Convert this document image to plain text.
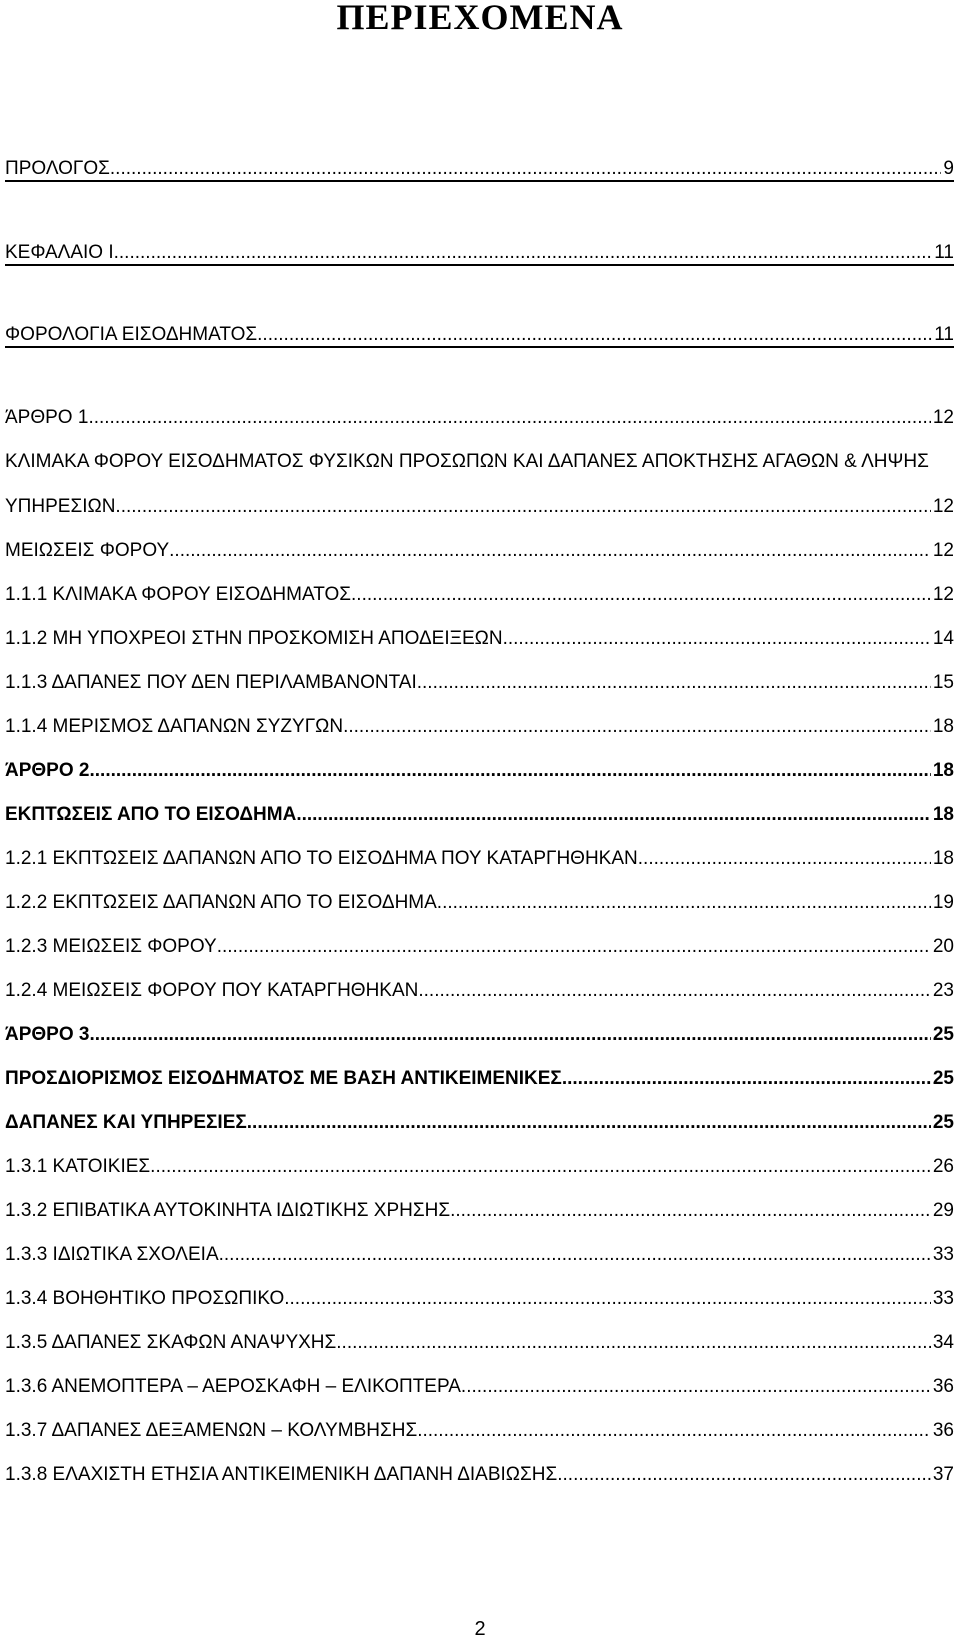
ΠΕΡΙΕΧΟΜΕΝΑ
ΠΡΟΛΟΓΟΣ .....	9
ΚΕΦΑΛΑΙΟ Ι .....	11
ΦΟΡΟΛΟΓΙΑ ΕΙΣΟΔΗΜΑΤΟΣ .....	11
ΆΡΘΡΟ 1 .....	12
ΚΛΙΜΑΚΑ ΦΟΡΟΥ ΕΙΣΟΔΗΜΑΤΟΣ ΦΥΣΙΚΩΝ ΠΡΟΣΩΠΩΝ ΚΑΙ ΔΑΠΑΝΕΣ ΑΠΟΚΤΗΣΗΣ ΑΓΑΘΩΝ & ΛΗΨΗΣ
ΥΠΗΡΕΣΙΩΝ .....	12
ΜΕΙΩΣΕΙΣ ΦΟΡΟΥ .....	12
1.1.1 ΚΛΙΜΑΚΑ ΦΟΡΟΥ ΕΙΣΟΔΗΜΑΤΟΣ .....	12
1.1.2 ΜΗ ΥΠΟΧΡΕΟΙ ΣΤΗΝ ΠΡΟΣΚΟΜΙΣΗ ΑΠΟΔΕΙΞΕΩΝ .....	14
1.1.3 ΔΑΠΑΝΕΣ ΠΟΥ ΔΕΝ ΠΕΡΙΛΑΜΒΑΝΟΝΤΑΙ .....	15
1.1.4 ΜΕΡΙΣΜΟΣ ΔΑΠΑΝΩΝ ΣΥΖΥΓΩΝ .....	18
ΆΡΘΡΟ 2 .....	18
ΕΚΠΤΩΣΕΙΣ ΑΠΟ ΤΟ ΕΙΣΟΔΗΜΑ .....	18
1.2.1 ΕΚΠΤΩΣΕΙΣ ΔΑΠΑΝΩΝ ΑΠΟ ΤΟ ΕΙΣΟΔΗΜΑ ΠΟΥ ΚΑΤΑΡΓΗΘΗΚΑΝ .....	18
1.2.2 ΕΚΠΤΩΣΕΙΣ ΔΑΠΑΝΩΝ ΑΠΟ ΤΟ ΕΙΣΟΔΗΜΑ .....	19
1.2.3 ΜΕΙΩΣΕΙΣ ΦΟΡΟΥ .....	20
1.2.4 ΜΕΙΩΣΕΙΣ ΦΟΡΟΥ ΠΟΥ ΚΑΤΑΡΓΗΘΗΚΑΝ .....	23
ΆΡΘΡΟ 3 .....	25
ΠΡΟΣΔΙΟΡΙΣΜΟΣ ΕΙΣΟΔΗΜΑΤΟΣ ΜΕ ΒΑΣΗ ΑΝΤΙΚΕΙΜΕΝΙΚΕΣ .....	25
ΔΑΠΑΝΕΣ ΚΑΙ ΥΠΗΡΕΣΙΕΣ .....	25
1.3.1 ΚΑΤΟΙΚΙΕΣ .....	26
1.3.2 ΕΠΙΒΑΤΙΚΑ ΑΥΤΟΚΙΝΗΤΑ ΙΔΙΩΤΙΚΗΣ ΧΡΗΣΗΣ .....	29
1.3.3 ΙΔΙΩΤΙΚΑ ΣΧΟΛΕΙΑ .....	33
1.3.4 ΒΟΗΘΗΤΙΚΟ ΠΡΟΣΩΠΙΚΟ .....	33
1.3.5 ΔΑΠΑΝΕΣ ΣΚΑΦΩΝ ΑΝΑΨΥΧΗΣ .....	34
1.3.6 ΑΝΕΜΟΠΤΕΡΑ – ΑΕΡΟΣΚΑΦΗ – ΕΛΙΚΟΠΤΕΡΑ .....	36
1.3.7 ΔΑΠΑΝΕΣ ΔΕΞΑΜΕΝΩΝ – ΚΟΛΥΜΒΗΣΗΣ .....	36
1.3.8 ΕΛΑΧΙΣΤΗ ΕΤΗΣΙΑ ΑΝΤΙΚΕΙΜΕΝΙΚΗ ΔΑΠΑΝΗ ΔΙΑΒΙΩΣΗΣ .....	37
2
